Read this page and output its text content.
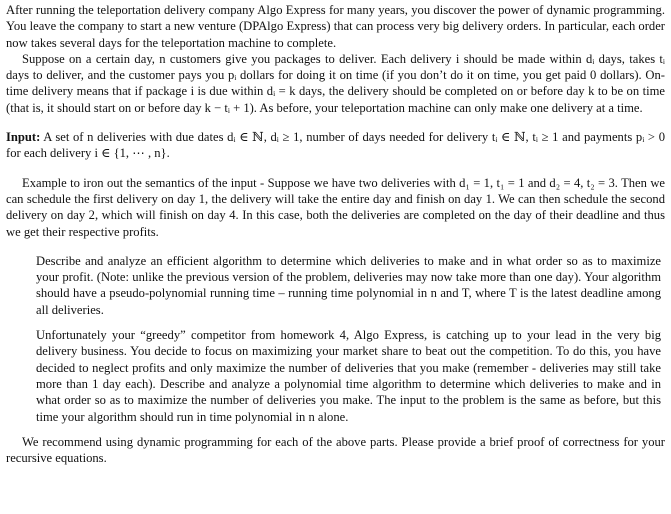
After running the teleportation delivery company Algo Express for many years, you discover the power of dynamic programming. You leave the company to start a new venture (DPAlgo Express) that can process very big delivery orders. In particular, each order now takes several days for the teleportation machine to complete.

Suppose on a certain day, n customers give you packages to deliver. Each delivery i should be made within dᵢ days, takes tᵢ days to deliver, and the customer pays you pᵢ dollars for doing it on time (if you don’t do it on time, you get paid 0 dollars). On-time delivery means that if package i is due within dᵢ = k days, the delivery should be completed on or before day k to be on time (that is, it should start on or before day k − tᵢ + 1). As before, your teleportation machine can only make one delivery at a time.

Input: A set of n deliveries with due dates dᵢ ∈ ℕ, dᵢ ≥ 1, number of days needed for delivery tᵢ ∈ ℕ, tᵢ ≥ 1 and payments pᵢ > 0 for each delivery i ∈ {1, ⋯ , n}.

Example to iron out the semantics of the input - Suppose we have two deliveries with d₁ = 1, t₁ = 1 and d₂ = 4, t₂ = 3. Then we can schedule the first delivery on day 1, the delivery will take the entire day and finish on day 1. We can then schedule the second delivery on day 2, which will finish on day 4. In this case, both the deliveries are completed on the day of their deadline and thus we get their respective profits.

Describe and analyze an efficient algorithm to determine which deliveries to make and in what order so as to maximize your profit. (Note: unlike the previous version of the problem, deliveries may now take more than one day). Your algorithm should have a pseudo-polynomial running time – running time polynomial in n and T, where T is the latest deadline among all deliveries.

Unfortunately your “greedy” competitor from homework 4, Algo Express, is catching up to your lead in the very big delivery business. You decide to focus on maximizing your market share to beat out the competition. To do this, you have decided to neglect profits and only maximize the number of deliveries that you make (remember - deliveries may still take more than 1 day each). Describe and analyze a polynomial time algorithm to determine which deliveries to make and in what order so as to maximize the number of deliveries you make. The input to the problem is the same as before, but this time your algorithm should run in time polynomial in n alone.

We recommend using dynamic programming for each of the above parts. Please provide a brief proof of correctness for your recursive equations.
